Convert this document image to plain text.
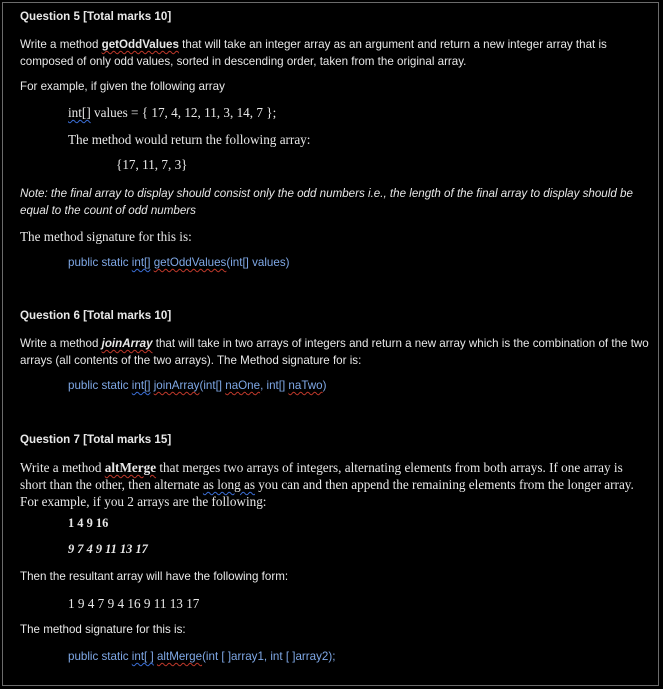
Question 5 [Total marks 10]
Write a method getOddValues that will take an integer array as an argument and return a new integer array that is composed of only odd values, sorted in descending order, taken from the original array.
For example, if given the following array
int[] values = { 17, 4, 12, 11, 3, 14, 7 };
The method would return the following array:
{17, 11, 7, 3}
Note: the final array to display should consist only the odd numbers i.e., the length of the final array to display should be equal to the count of odd numbers
The method signature for this is:
public static int[] getOddValues(int[] values)
Question 6 [Total marks 10]
Write a method joinArray that will take in two arrays of integers and return a new array which is the combination of the two arrays (all contents of the two arrays). The Method signature for is:
public static int[] joinArray(int[] naOne, int[] naTwo)
Question 7 [Total marks 15]
Write a method altMerge that merges two arrays of integers, alternating elements from both arrays. If one array is short than the other, then alternate as long as you can and then append the remaining elements from the longer array. For example, if you 2 arrays are the following:
1 4 9 16
9 7 4 9 11 13 17
Then the resultant array will have the following form:
1 9 4 7 9 4 16 9 11 13 17
The method signature for this is:
public static int[ ] altMerge(int [ ]array1, int [ ]array2);
